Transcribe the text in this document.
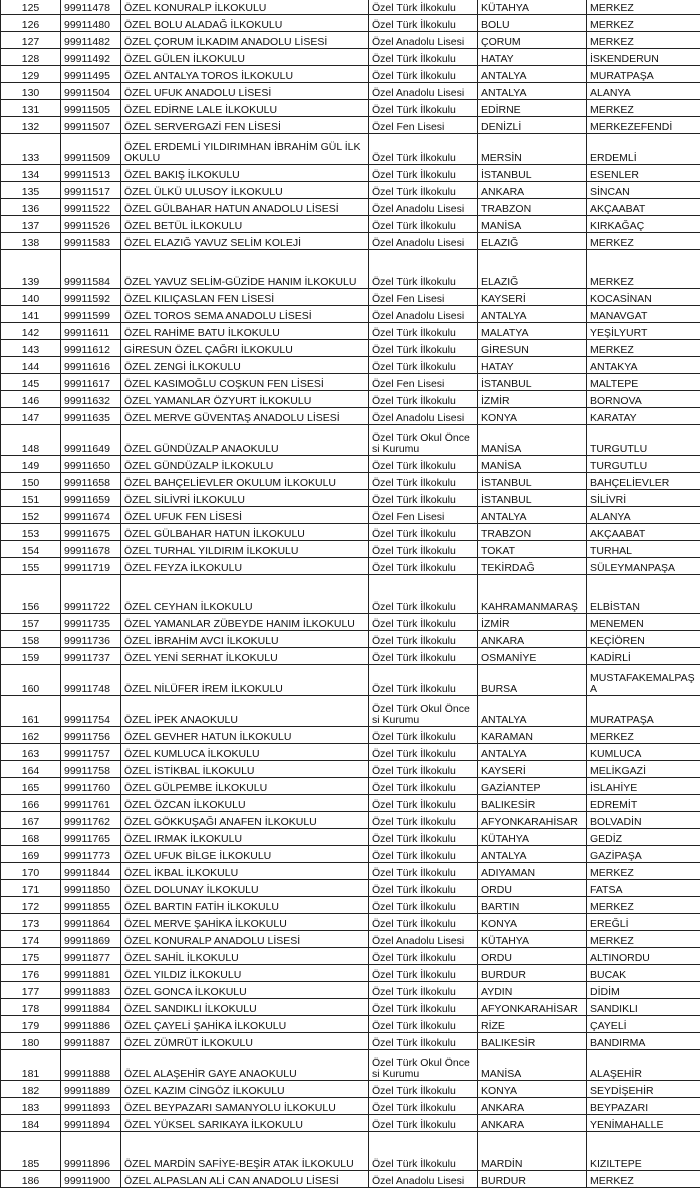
125	99911478	ÖZEL KONURALP İLKOKULU	Özel Türk İlkokulu	KÜTAHYA	MERKEZ
126	99911480	ÖZEL BOLU ALADAĞ İLKOKULU	Özel Türk İlkokulu	BOLU	MERKEZ
127	99911482	ÖZEL ÇORUM İLKADIM ANADOLU LİSESİ	Özel Anadolu Lisesi	ÇORUM	MERKEZ
128	99911492	ÖZEL GÜLEN İLKOKULU	Özel Türk İlkokulu	HATAY	İSKENDERUN
129	99911495	ÖZEL ANTALYA TOROS İLKOKULU	Özel Türk İlkokulu	ANTALYA	MURATPAŞA
130	99911504	ÖZEL UFUK ANADOLU LİSESİ	Özel Anadolu Lisesi	ANTALYA	ALANYA
131	99911505	ÖZEL EDİRNE LALE İLKOKULU	Özel Türk İlkokulu	EDİRNE	MERKEZ
132	99911507	ÖZEL SERVERGAZİ FEN LİSESİ	Özel Fen Lisesi	DENİZLİ	MERKEZEFENDİ
133	99911509	ÖZEL ERDEMLİ YILDIRIMHAN İBRAHİM GÜL İLKOKULU	Özel Türk İlkokulu	MERSİN	ERDEMLİ
134	99911513	ÖZEL BAKIŞ İLKOKULU	Özel Türk İlkokulu	İSTANBUL	ESENLER
135	99911517	ÖZEL ÜLKÜ ULUSOY İLKOKULU	Özel Türk İlkokulu	ANKARA	SİNCAN
136	99911522	ÖZEL GÜLBAHAR HATUN ANADOLU LİSESİ	Özel Anadolu Lisesi	TRABZON	AKÇAABAT
137	99911526	ÖZEL BETÜL İLKOKULU	Özel Türk İlkokulu	MANİSA	KIRKAĞAÇ
138	99911583	ÖZEL ELAZIĞ YAVUZ SELİM KOLEJİ	Özel Anadolu Lisesi	ELAZIĞ	MERKEZ
139	99911584	ÖZEL YAVUZ SELİM-GÜZİDE HANIM İLKOKULU	Özel Türk İlkokulu	ELAZIĞ	MERKEZ
140	99911592	ÖZEL KILIÇASLAN FEN LİSESİ	Özel Fen Lisesi	KAYSERİ	KOCASİNAN
141	99911599	ÖZEL TOROS SEMA ANADOLU LİSESİ	Özel Anadolu Lisesi	ANTALYA	MANAVGAT
142	99911611	ÖZEL RAHİME BATU İLKOKULU	Özel Türk İlkokulu	MALATYA	YEŞİLYURT
143	99911612	GİRESUN ÖZEL ÇAĞRI İLKOKULU	Özel Türk İlkokulu	GİRESUN	MERKEZ
144	99911616	ÖZEL ZENGİ İLKOKULU	Özel Türk İlkokulu	HATAY	ANTAKYA
145	99911617	ÖZEL KASIMOĞLU COŞKUN FEN LİSESİ	Özel Fen Lisesi	İSTANBUL	MALTEPE
146	99911632	ÖZEL YAMANLAR ÖZYURT İLKOKULU	Özel Türk İlkokulu	İZMİR	BORNOVA
147	99911635	ÖZEL MERVE GÜVENTAŞ ANADOLU LİSESİ	Özel Anadolu Lisesi	KONYA	KARATAY
148	99911649	ÖZEL GÜNDÜZALP ANAOKULU	Özel Türk Okul Öncesi Kurumu	MANİSA	TURGUTLU
149	99911650	ÖZEL GÜNDÜZALP İLKOKULU	Özel Türk İlkokulu	MANİSA	TURGUTLU
150	99911658	ÖZEL BAHÇELİEVLER OKULUM İLKOKULU	Özel Türk İlkokulu	İSTANBUL	BAHÇELİEVLER
151	99911659	ÖZEL SİLİVRİ İLKOKULU	Özel Türk İlkokulu	İSTANBUL	SİLİVRİ
152	99911674	ÖZEL UFUK FEN LİSESİ	Özel Fen Lisesi	ANTALYA	ALANYA
153	99911675	ÖZEL GÜLBAHAR HATUN İLKOKULU	Özel Türk İlkokulu	TRABZON	AKÇAABAT
154	99911678	ÖZEL TURHAL YILDIRIM İLKOKULU	Özel Türk İlkokulu	TOKAT	TURHAL
155	99911719	ÖZEL FEYZA İLKOKULU	Özel Türk İlkokulu	TEKİRDAĞ	SÜLEYMANPAŞA
156	99911722	ÖZEL CEYHAN İLKOKULU	Özel Türk İlkokulu	KAHRAMANMARAŞ	ELBİSTAN
157	99911735	ÖZEL YAMANLAR ZÜBEYDE HANIM İLKOKULU	Özel Türk İlkokulu	İZMİR	MENEMEN
158	99911736	ÖZEL İBRAHİM AVCI İLKOKULU	Özel Türk İlkokulu	ANKARA	KEÇİÖREN
159	99911737	ÖZEL YENİ SERHAT İLKOKULU	Özel Türk İlkokulu	OSMANİYE	KADİRLİ
160	99911748	ÖZEL NİLÜFER İREM İLKOKULU	Özel Türk İlkokulu	BURSA	MUSTAFAKEMALPAŞA
161	99911754	ÖZEL İPEK ANAOKULU	Özel Türk Okul Öncesi Kurumu	ANTALYA	MURATPAŞA
162	99911756	ÖZEL GEVHER HATUN İLKOKULU	Özel Türk İlkokulu	KARAMAN	MERKEZ
163	99911757	ÖZEL KUMLUCA İLKOKULU	Özel Türk İlkokulu	ANTALYA	KUMLUCA
164	99911758	ÖZEL İSTİKBAL İLKOKULU	Özel Türk İlkokulu	KAYSERİ	MELİKGAZİ
165	99911760	ÖZEL GÜLPEMBE İLKOKULU	Özel Türk İlkokulu	GAZİANTEP	İSLAHİYE
166	99911761	ÖZEL ÖZCAN İLKOKULU	Özel Türk İlkokulu	BALIKESİR	EDREMİT
167	99911762	ÖZEL GÖKKUŞAĞI ANAFEN İLKOKULU	Özel Türk İlkokulu	AFYONKARAHİSAR	BOLVADİN
168	99911765	ÖZEL IRMAK İLKOKULU	Özel Türk İlkokulu	KÜTAHYA	GEDİZ
169	99911773	ÖZEL UFUK BİLGE İLKOKULU	Özel Türk İlkokulu	ANTALYA	GAZİPAŞA
170	99911844	ÖZEL İKBAL İLKOKULU	Özel Türk İlkokulu	ADIYAMAN	MERKEZ
171	99911850	ÖZEL DOLUNAY İLKOKULU	Özel Türk İlkokulu	ORDU	FATSA
172	99911855	ÖZEL BARTIN FATİH İLKOKULU	Özel Türk İlkokulu	BARTIN	MERKEZ
173	99911864	ÖZEL MERVE ŞAHİKA İLKOKULU	Özel Türk İlkokulu	KONYA	EREĞLİ
174	99911869	ÖZEL KONURALP ANADOLU LİSESİ	Özel Anadolu Lisesi	KÜTAHYA	MERKEZ
175	99911877	ÖZEL SAHİL İLKOKULU	Özel Türk İlkokulu	ORDU	ALTINORDU
176	99911881	ÖZEL YILDIZ İLKOKULU	Özel Türk İlkokulu	BURDUR	BUCAK
177	99911883	ÖZEL GONCA İLKOKULU	Özel Türk İlkokulu	AYDIN	DİDİM
178	99911884	ÖZEL SANDIKLI İLKOKULU	Özel Türk İlkokulu	AFYONKARAHİSAR	SANDIKLI
179	99911886	ÖZEL ÇAYELİ ŞAHİKA İLKOKULU	Özel Türk İlkokulu	RİZE	ÇAYELİ
180	99911887	ÖZEL ZÜMRÜT İLKOKULU	Özel Türk İlkokulu	BALIKESİR	BANDIRMA
181	99911888	ÖZEL ALAŞEHİR GAYE ANAOKULU	Özel Türk Okul Öncesi Kurumu	MANİSA	ALAŞEHİR
182	99911889	ÖZEL KAZIM CİNGÖZ İLKOKULU	Özel Türk İlkokulu	KONYA	SEYDİŞEHİR
183	99911893	ÖZEL BEYPAZARI SAMANYOLU İLKOKULU	Özel Türk İlkokulu	ANKARA	BEYPAZARI
184	99911894	ÖZEL YÜKSEL SARIKAYA İLKOKULU	Özel Türk İlkokulu	ANKARA	YENİMAHALLE
185	99911896	ÖZEL MARDİN SAFİYE-BEŞİR ATAK İLKOKULU	Özel Türk İlkokulu	MARDİN	KIZILTEPE
186	99911900	ÖZEL ALPASLAN ALİ CAN ANADOLU LİSESİ	Özel Anadolu Lisesi	BURDUR	MERKEZ
